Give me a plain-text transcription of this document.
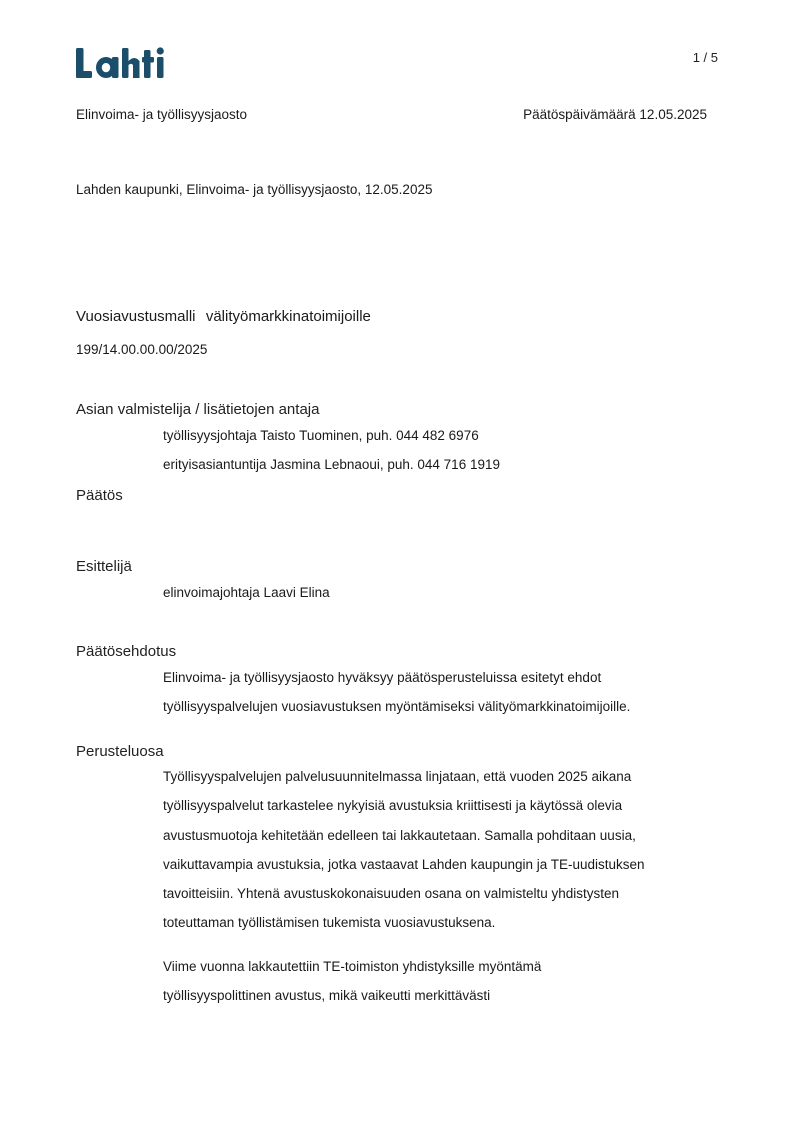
1 / 5
Elinvoima- ja työllisyysjaosto	Päätöspäivämäärä 12.05.2025
Lahden kaupunki, Elinvoima- ja työllisyysjaosto, 12.05.2025
Vuosiavustusmalli  välityömarkkinatoimijoille
199/14.00.00.00/2025
Asian valmistelija / lisätietojen antaja
työllisyysjohtaja Taisto Tuominen, puh. 044 482 6976
erityisasiantuntija Jasmina Lebnaoui, puh. 044 716 1919
Päätös
Esittelijä
elinvoimajohtaja Laavi Elina
Päätösehdotus
Elinvoima- ja työllisyysjaosto hyväksyy päätösperusteluissa esitetyt ehdot
työllisyyspalvelujen vuosiavustuksen myöntämiseksi välityömarkkinatoimijoille.
Perusteluosa
Työllisyyspalvelujen palvelusuunnitelmassa linjataan, että vuoden 2025 aikana
työllisyyspalvelut tarkastelee nykyisiä avustuksia kriittisesti ja käytössä olevia
avustusmuotoja kehitetään edelleen tai lakkautetaan. Samalla pohditaan uusia,
vaikuttavampia avustuksia, jotka vastaavat Lahden kaupungin ja TE-uudistuksen
tavoitteisiin. Yhtenä avustuskokonaisuuden osana on valmisteltu yhdistysten
toteuttaman työllistämisen tukemista vuosiavustuksena.
Viime vuonna lakkautettiin TE-toimiston yhdistyksille myöntämä
työllisyyspolittinen avustus, mikä vaikeutti merkittävästi
